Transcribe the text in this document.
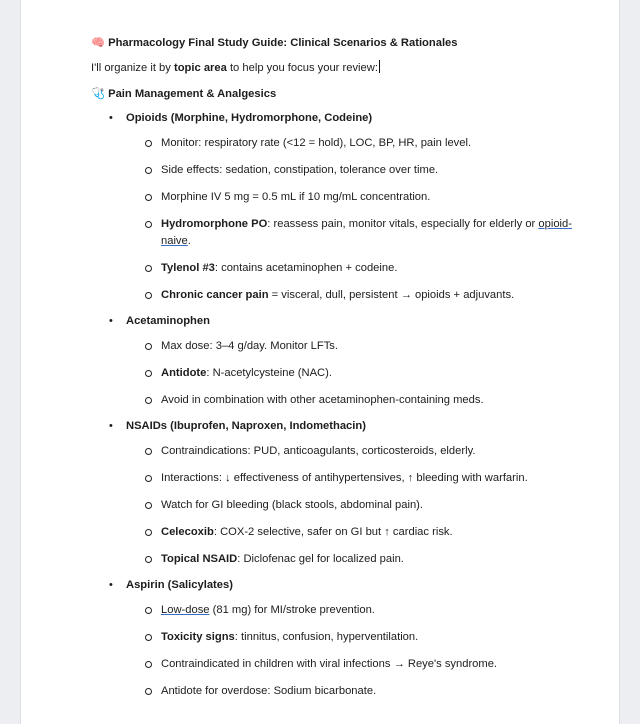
🧠 Pharmacology Final Study Guide: Clinical Scenarios & Rationales
I'll organize it by topic area to help you focus your review:
🩺 Pain Management & Analgesics
• Opioids (Morphine, Hydromorphone, Codeine)
Monitor: respiratory rate (<12 = hold), LOC, BP, HR, pain level.
Side effects: sedation, constipation, tolerance over time.
Morphine IV 5 mg = 0.5 mL if 10 mg/mL concentration.
Hydromorphone PO: reassess pain, monitor vitals, especially for elderly or opioid-naive.
Tylenol #3: contains acetaminophen + codeine.
Chronic cancer pain = visceral, dull, persistent → opioids + adjuvants.
• Acetaminophen
Max dose: 3–4 g/day. Monitor LFTs.
Antidote: N-acetylcysteine (NAC).
Avoid in combination with other acetaminophen-containing meds.
• NSAIDs (Ibuprofen, Naproxen, Indomethacin)
Contraindications: PUD, anticoagulants, corticosteroids, elderly.
Interactions: ↓ effectiveness of antihypertensives, ↑ bleeding with warfarin.
Watch for GI bleeding (black stools, abdominal pain).
Celecoxib: COX-2 selective, safer on GI but ↑ cardiac risk.
Topical NSAID: Diclofenac gel for localized pain.
• Aspirin (Salicylates)
Low-dose (81 mg) for MI/stroke prevention.
Toxicity signs: tinnitus, confusion, hyperventilation.
Contraindicated in children with viral infections → Reye's syndrome.
Antidote for overdose: Sodium bicarbonate.
